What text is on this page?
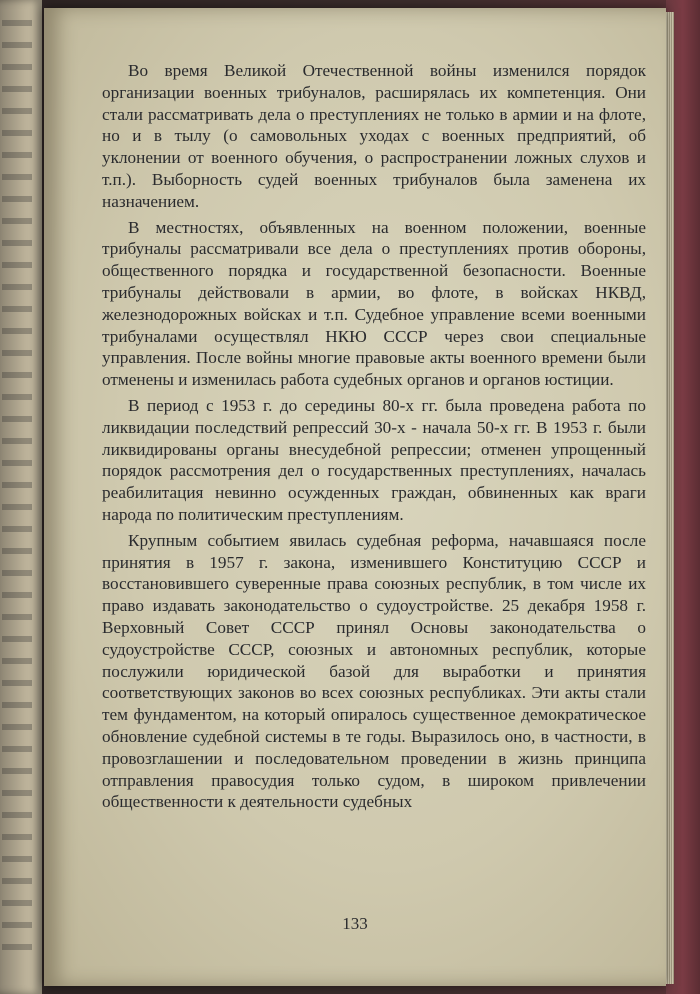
Во время Великой Отечественной войны изменился порядок организации военных трибуналов, расширялась их компетенция. Они стали рассматривать дела о преступлениях не только в армии и на флоте, но и в тылу (о самовольных уходах с военных предприятий, об уклонении от военного обучения, о распространении ложных слухов и т.п.). Выборность судей военных трибуналов была заменена их назначением.

В местностях, объявленных на военном положении, военные трибуналы рассматривали все дела о преступлениях против обороны, общественного порядка и государственной безопасности. Военные трибуналы действовали в армии, во флоте, в войсках НКВД, железнодорожных войсках и т.п. Судебное управление всеми военными трибуналами осуществлял НКЮ СССР через свои специальные управления. После войны многие правовые акты военного времени были отменены и изменилась работа судебных органов и органов юстиции.

В период с 1953 г. до середины 80-х гг. была проведена работа по ликвидации последствий репрессий 30-х - начала 50-х гг. В 1953 г. были ликвидированы органы внесудебной репрессии; отменен упрощенный порядок рассмотрения дел о государственных преступлениях, началась реабилитация невинно осужденных граждан, обвиненных как враги народа по политическим преступлениям.

Крупным событием явилась судебная реформа, начавшаяся после принятия в 1957 г. закона, изменившего Конституцию СССР и восстановившего суверенные права союзных республик, в том числе их право издавать законодательство о судоустройстве. 25 декабря 1958 г. Верховный Совет СССР принял Основы законодательства о судоустройстве СССР, союзных и автономных республик, которые послужили юридической базой для выработки и принятия соответствующих законов во всех союзных республиках. Эти акты стали тем фундаментом, на который опиралось существенное демократическое обновление судебной системы в те годы. Выразилось оно, в частности, в провозглашении и последовательном проведении в жизнь принципа отправления правосудия только судом, в широком привлечении общественности к деятельности судебных

133
